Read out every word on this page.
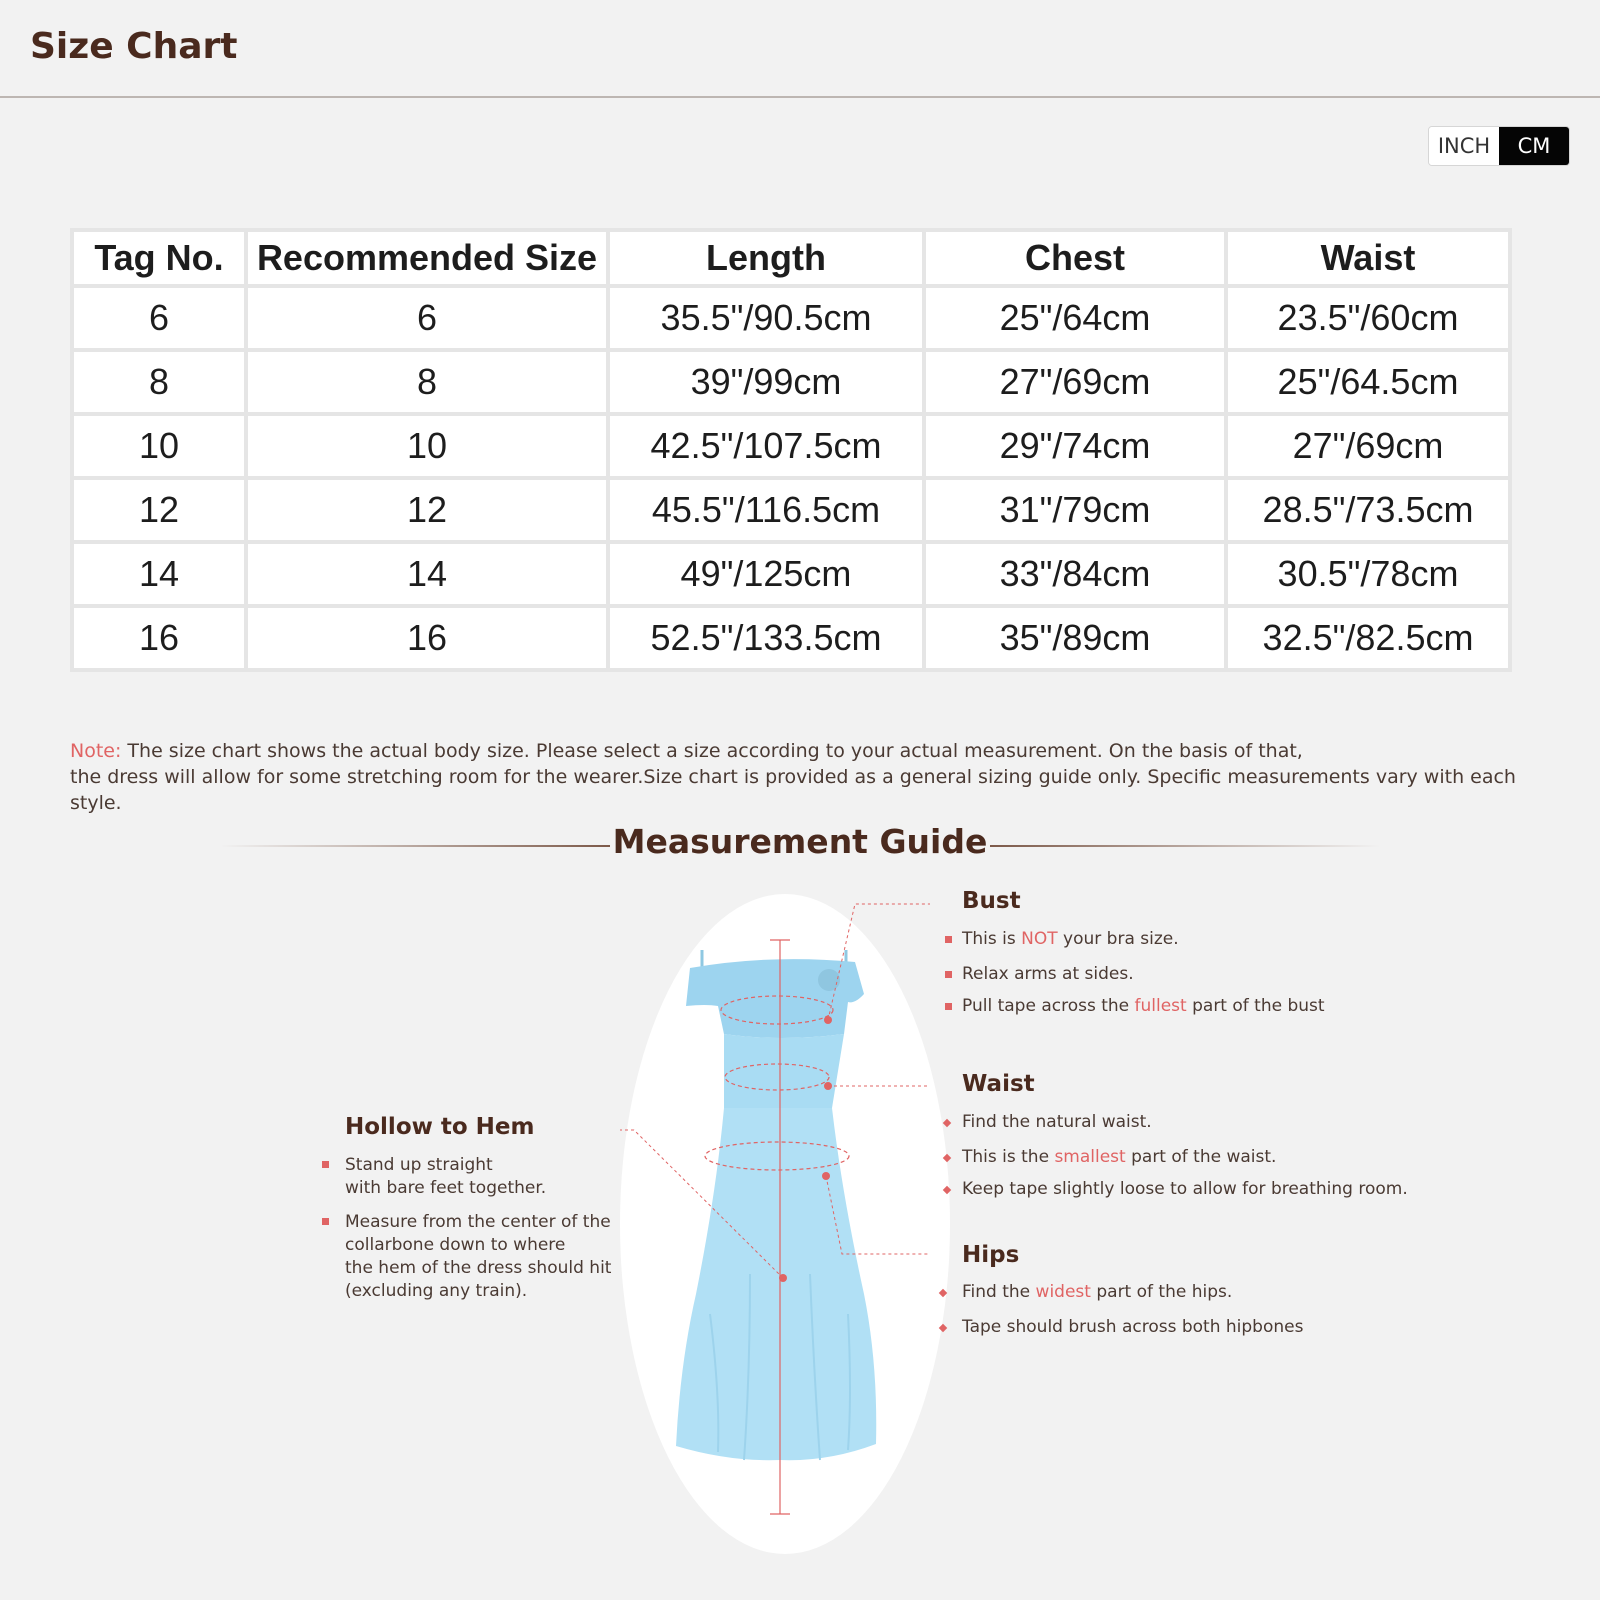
Size Chart
INCH	CM
Tag No.	Recommended Size	Length	Chest	Waist
6	6	35.5"/90.5cm	25"/64cm	23.5"/60cm
8	8	39"/99cm	27"/69cm	25"/64.5cm
10	10	42.5"/107.5cm	29"/74cm	27"/69cm
12	12	45.5"/116.5cm	31"/79cm	28.5"/73.5cm
14	14	49"/125cm	33"/84cm	30.5"/78cm
16	16	52.5"/133.5cm	35"/89cm	32.5"/82.5cm
Note: The size chart shows the actual body size. Please select a size according to your actual measurement. On the basis of that,
the dress will allow for some stretching room for the wearer.Size chart is provided as a general sizing guide only. Specific measurements vary with each style.
Measurement Guide
Bust
This is NOT your bra size.
Relax arms at sides.
Pull tape across the fullest part of the bust
Waist
Find the natural waist.
This is the smallest part of the waist.
Keep tape slightly loose to allow for breathing room.
Hips
Find the widest part of the hips.
Tape should brush across both hipbones
Hollow to Hem
Stand up straight
with bare feet together.
Measure from the center of the
collarbone down to where
the hem of the dress should hit
(excluding any train).
